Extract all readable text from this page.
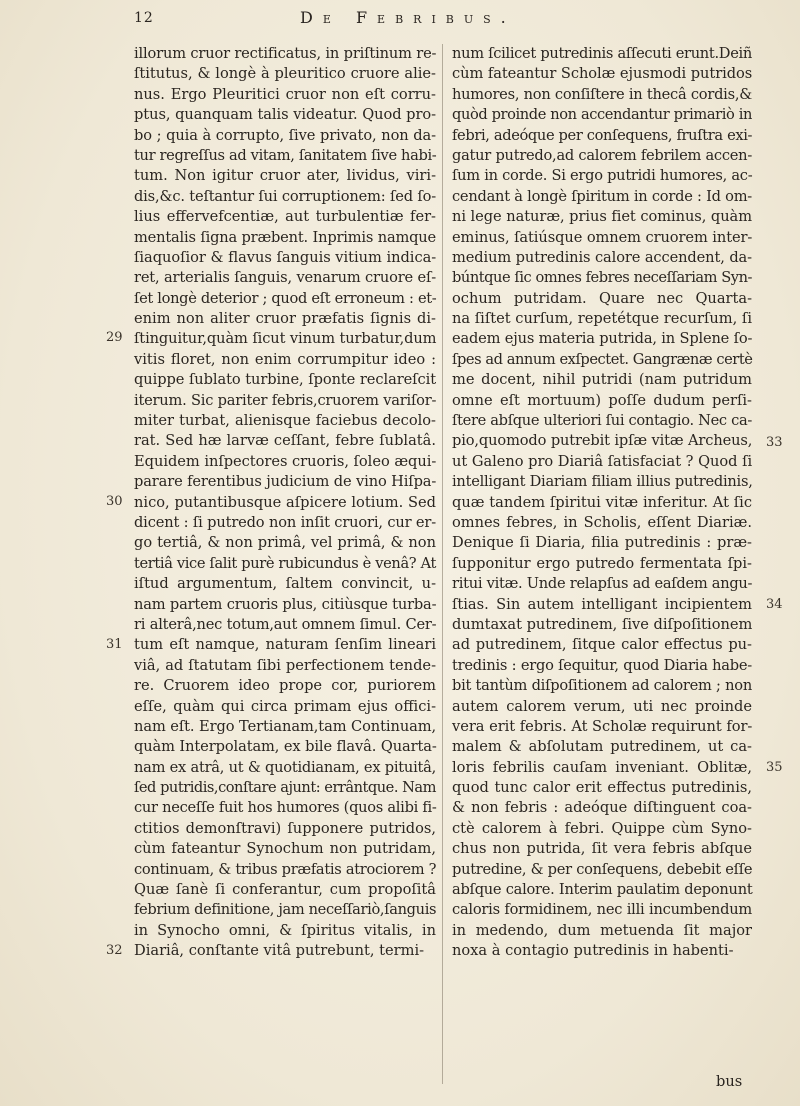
12	De Febribus.
illorum cruor rectificatus, in priſtinum re-
ſtitutus, & longè à pleuritico cruore alie-
nus. Ergo Pleuritici cruor non eſt corru-
ptus, quanquam talis videatur. Quod pro-
bo ; quia à corrupto, ſive privato, non da-
tur regreſſus ad vitam, ſanitatem ſive habi-
tum. Non igitur cruor ater, lividus, viri-
dis,&c. teſtantur ſui corruptionem: ſed ſo-
lius effervefcentiæ, aut turbulentiæ fer-
mentalis ſigna præbent. Inprimis namque
ſiaquoſior & flavus ſanguis vitium indica-
ret, arterialis ſanguis, venarum cruore eſ-
ſet longè deterior ; quod eſt erroneum : et-
enim non aliter cruor præfatis ſignis di-
ſtinguitur,quàm ſicut vinum turbatur,dum
vitis floret, non enim corrumpitur ideo :
quippe ſublato turbine, ſponte reclareſcit
iterum. Sic pariter febris,cruorem variſor-
miter turbat, alienisque faciebus decolo-
rat. Sed hæ larvæ ceſſant, febre ſublatâ.
Equidem inſpectores cruoris, ſoleo æqui-
parare ferentibus judicium de vino Hiſpa-
nico, putantibusque aſpicere lotium. Sed
dicent : ſi putredo non inſit cruori, cur er-
go tertiâ, & non primâ, vel primâ, & non
tertiâ vice ſalit purè rubicundus è venâ? At
iſtud argumentum, ſaltem convincit, u-
nam partem cruoris plus, citiùsque turba-
ri alterâ,nec totum,aut omnem ſimul. Cer-
tum eſt namque, naturam ſenſim lineari
viâ, ad ſtatutam ſibi perfectionem tende-
re. Cruorem ideo prope cor, puriorem
eſſe, quàm qui circa primam ejus offici-
nam eſt. Ergo Tertianam,tam Continuam,
quàm Interpolatam, ex bile flavâ. Quarta-
nam ex atrâ, ut & quotidianam, ex pituitâ,
ſed putridis,conſtare ajunt: errântque. Nam
cur neceſſe fuit hos humores (quos alibi fi-
ctitios demonſtravi) ſupponere putridos,
cùm fateantur Synochum non putridam,
continuam, & tribus præfatis atrociorem ?
Quæ ſanè ſi conferantur, cum propoſitâ
febrium definitione, jam neceſſariò,ſanguis
in Synocho omni, & ſpiritus vitalis, in
Diariâ, conſtante vitâ putrebunt, termi-
num ſcilicet putredinis aſſecuti erunt.Deiñ
cùm fateantur Scholæ ejusmodi putridos
humores, non conſiſtere in thecâ cordis,&
quòd proinde non accendantur primariò in
febri, adeóque per conſequens, fruſtra exi-
gatur putredo,ad calorem febrilem accen-
ſum in corde. Si ergo putridi humores, ac-
cendant à longè ſpiritum in corde : Id om-
ni lege naturæ, prius fiet cominus, quàm
eminus, ſatiúsque omnem cruorem inter-
medium putredinis calore accendent, da-
búntque ſic omnes febres neceſſariam Syn-
ochum putridam. Quare nec Quarta-
na ſiſtet curſum, repetétque recurſum, ſi
eadem ejus materia putrida, in Splene ſo-
ſpes ad annum exſpectet. Gangrænæ certè
me docent, nihil putridi (nam putridum
omne eſt mortuum) poſſe dudum perſi-
ſtere abſque ulteriori ſui contagio. Nec ca-
pio,quomodo putrebit ipſæ vitæ Archeus,
ut Galeno pro Diariâ ſatisfaciat ? Quod ſi
intelligant Diariam filiam illius putredinis,
quæ tandem ſpiritui vitæ inferitur. At ſic
omnes febres, in Scholis, eſſent Diariæ.
Denique ſi Diaria, filia putredinis : præ-
ſupponitur ergo putredo fermentata ſpi-
ritui vitæ. Unde relapſus ad eaſdem angu-
ſtias. Sin autem intelligant incipientem
dumtaxat putredinem, ſive diſpoſitionem
ad putredinem, ſitque calor effectus pu-
tredinis : ergo ſequitur, quod Diaria habe-
bit tantùm diſpoſitionem ad calorem ; non
autem calorem verum, uti nec proinde
vera erit febris. At Scholæ requirunt for-
malem & abſolutam putredinem, ut ca-
loris febrilis cauſam inveniant. Oblitæ,
quod tunc calor erit effectus putredinis,
& non febris : adeóque diſtinguent coa-
ctè calorem à febri. Quippe cùm Syno-
chus non putrida, ſit vera febris abſque
putredine, & per conſequens, debebit eſſe
abſque calore. Interim paulatim deponunt
caloris formidinem, nec illi incumbendum
in medendo, dum metuenda ſit major
noxa à contagio putredinis in habenti-
29
30
31
32
33
34
35
bus
